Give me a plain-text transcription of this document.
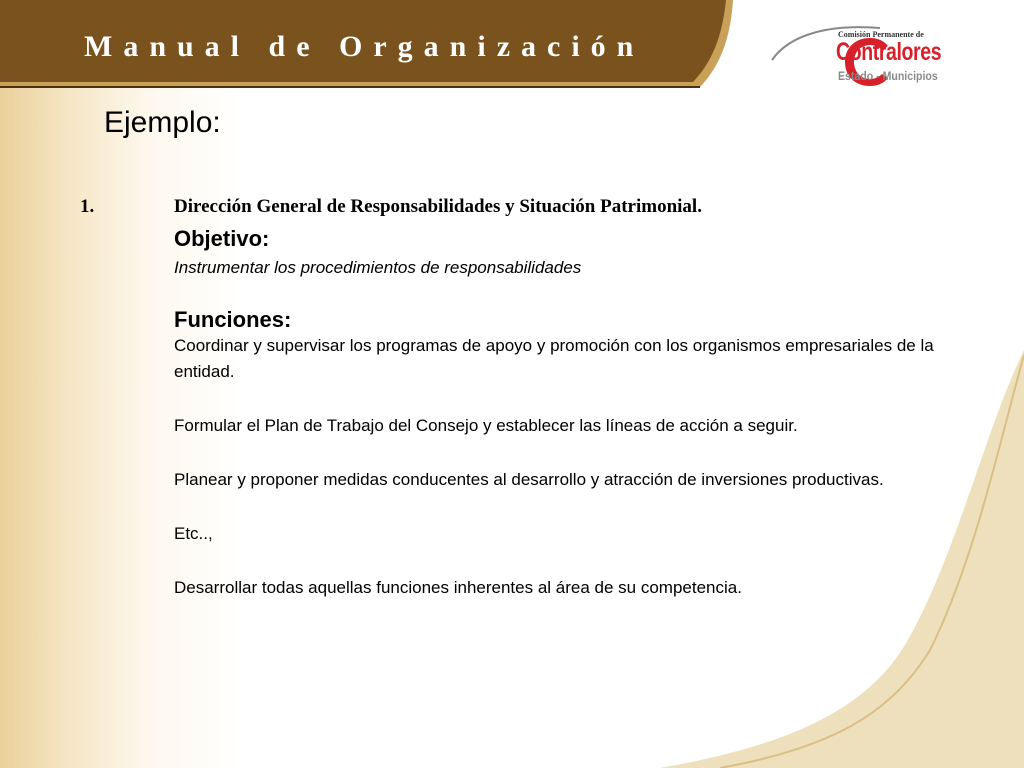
Manual de Organización	Comisión Permanente de
Contralores
Estado - Municipios
Ejemplo:
1.	Dirección General de Responsabilidades y Situación Patrimonial.

Objetivo:

Instrumentar los procedimientos de responsabilidades

Funciones:

Coordinar y supervisar los programas de apoyo y promoción con los organismos empresariales de la entidad.

Formular el Plan de Trabajo del Consejo y establecer las líneas de acción a seguir.

Planear y proponer medidas conducentes al desarrollo y atracción de inversiones productivas.

Etc..,

Desarrollar todas aquellas funciones inherentes al área de su competencia.
